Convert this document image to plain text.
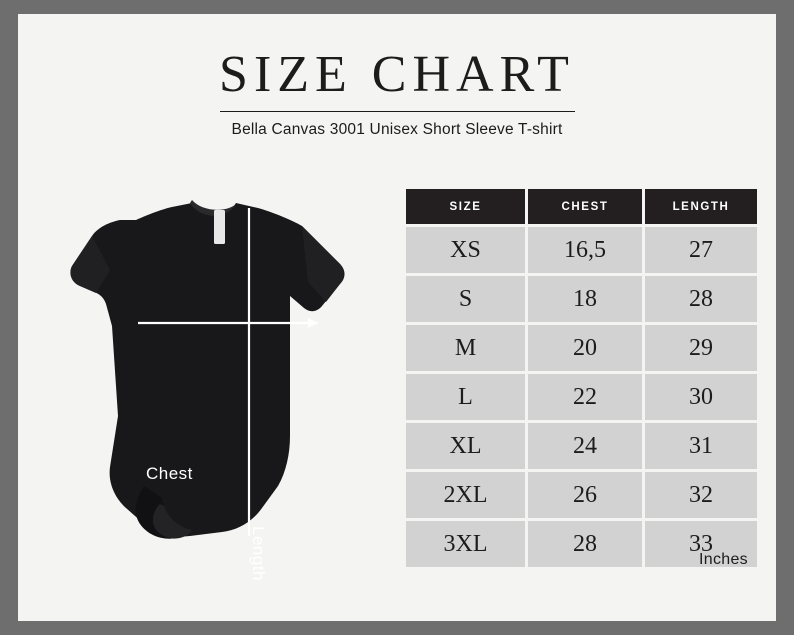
SIZE CHART
Bella Canvas 3001 Unisex Short Sleeve T-shirt
Chest
Length
SIZE	CHEST	LENGTH
XS	16,5	27
S	18	28
M	20	29
L	22	30
XL	24	31
2XL	26	32
3XL	28	33
Inches
